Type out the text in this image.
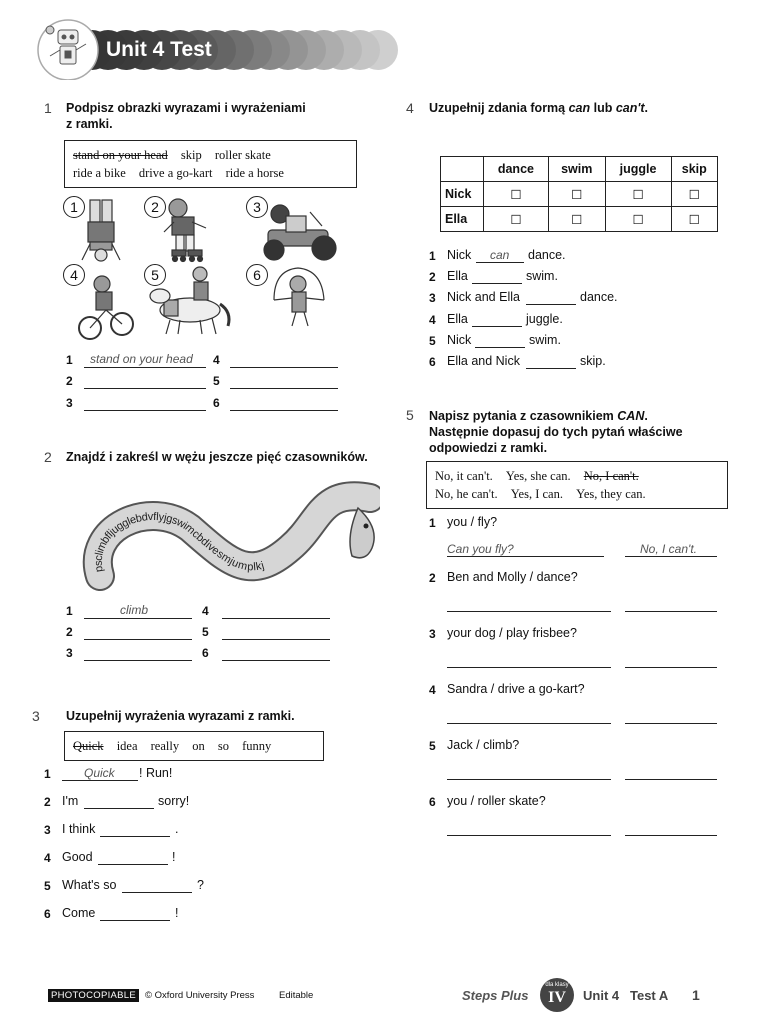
Unit 4 Test
1 Podpisz obrazki wyrazami i wyrażeniami
z ramki.
stand on your head skip roller skate
ride a bike drive a go-kart ride a horse
1	2	3
4	5	6
1 stand on your head 4
2	5
3	6
2 Znajdź i zakreśl w wężu jeszcze pięć czasowników.
psclimbfljugglebdvflyjgswimcbdivesmjumplkj
1	climb	4
2	5
3	6
3 Uzupełnij wyrażenia wyrazami z ramki.
Quick idea really on so funny
1	Quick ! Run!
2 I'm	sorry!
3 I think	.
4 Good	!
5 What's so	?
6 Come	!
4 Uzupełnij zdania formą can lub can't.
	dance	swim	juggle	skip
Nick	☐	☐	☐	☐
Ella	☐	☐	☐	☐
1 Nick can dance.
2 Ella	swim.
3 Nick and Ella	dance.
4 Ella	juggle.
5 Nick	swim.
6 Ella and Nick	skip.
5 Napisz pytania z czasownikiem CAN.
Następnie dopasuj do tych pytań właściwe
odpowiedzi z ramki.
No, it can't. Yes, she can. No, I can't.
No, he can't. Yes, I can. Yes, they can.
1 you / fly?
Can you fly?	No, I can't.
2 Ben and Molly / dance?
3 your dog / play frisbee?
4 Sandra / drive a go-kart?
5 Jack / climb?
6 you / roller skate?
PHOTOCOPIABLE © Oxford University Press	Editable	Steps Plus
dla klasy
IV	Unit 4 Test A 1
